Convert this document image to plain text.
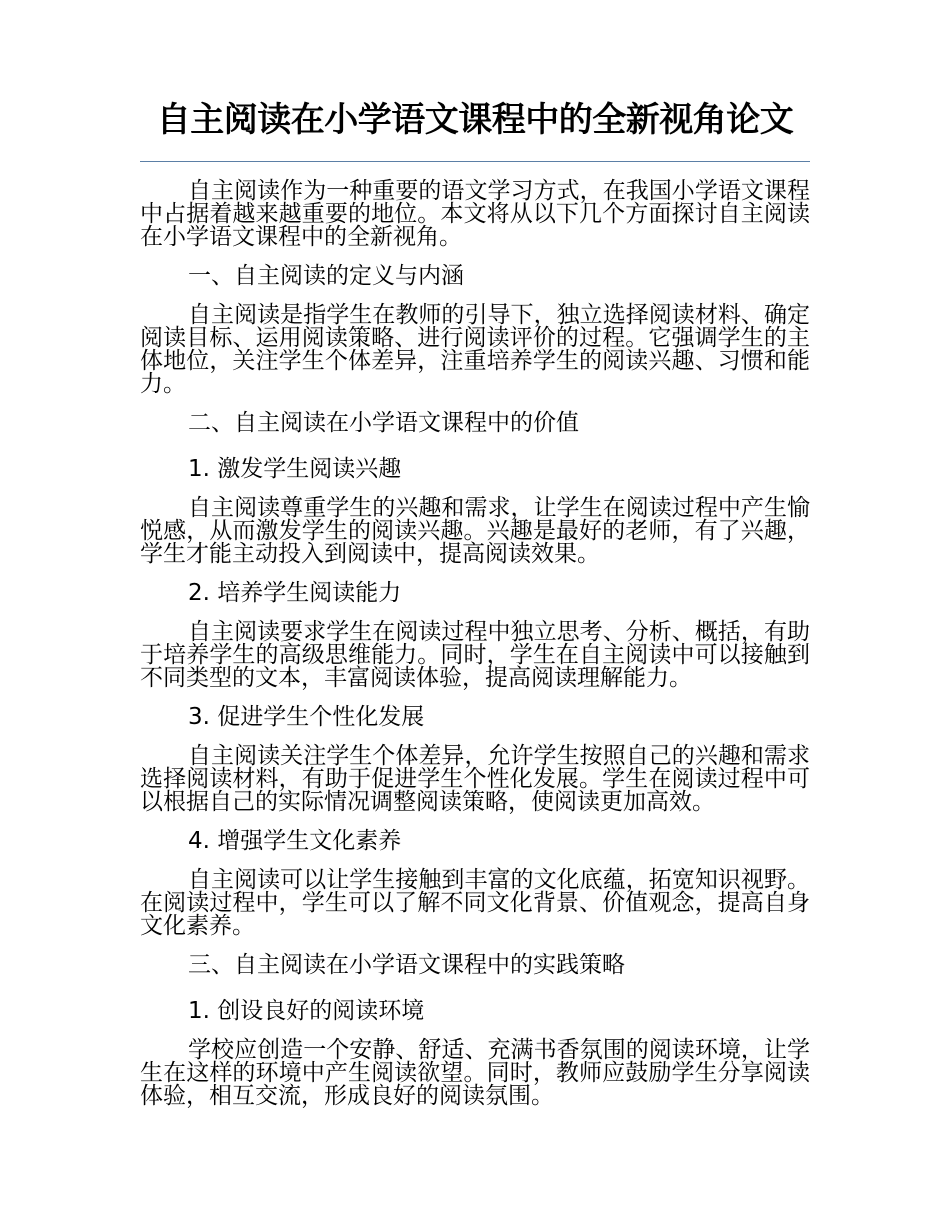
自主阅读在小学语文课程中的全新视角论文

自主阅读作为一种重要的语文学习方式，在我国小学语文课程中占据着越来越重要的地位。本文将从以下几个方面探讨自主阅读在小学语文课程中的全新视角。

一、自主阅读的定义与内涵

自主阅读是指学生在教师的引导下，独立选择阅读材料、确定阅读目标、运用阅读策略、进行阅读评价的过程。它强调学生的主体地位，关注学生个体差异，注重培养学生的阅读兴趣、习惯和能力。

二、自主阅读在小学语文课程中的价值

1. 激发学生阅读兴趣

自主阅读尊重学生的兴趣和需求，让学生在阅读过程中产生愉悦感，从而激发学生的阅读兴趣。兴趣是最好的老师，有了兴趣，学生才能主动投入到阅读中，提高阅读效果。

2. 培养学生阅读能力

自主阅读要求学生在阅读过程中独立思考、分析、概括，有助于培养学生的高级思维能力。同时，学生在自主阅读中可以接触到不同类型的文本，丰富阅读体验，提高阅读理解能力。

3. 促进学生个性化发展

自主阅读关注学生个体差异，允许学生按照自己的兴趣和需求选择阅读材料，有助于促进学生个性化发展。学生在阅读过程中可以根据自己的实际情况调整阅读策略，使阅读更加高效。

4. 增强学生文化素养

自主阅读可以让学生接触到丰富的文化底蕴，拓宽知识视野。在阅读过程中，学生可以了解不同文化背景、价值观念，提高自身文化素养。

三、自主阅读在小学语文课程中的实践策略

1. 创设良好的阅读环境

学校应创造一个安静、舒适、充满书香氛围的阅读环境，让学生在这样的环境中产生阅读欲望。同时，教师应鼓励学生分享阅读体验，相互交流，形成良好的阅读氛围。
